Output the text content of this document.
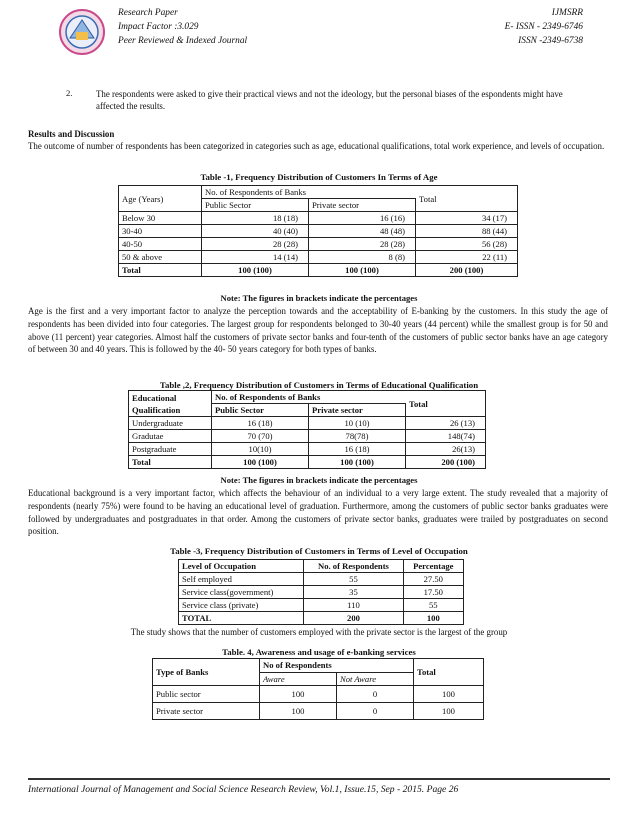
Research Paper
Impact Factor :3.029
Peer Reviewed & Indexed Journal
IJMSRR
E- ISSN - 2349-6746
ISSN -2349-6738
2.	The respondents were asked to give their practical views and not the ideology, but the personal biases of the espondents might have affected the results.
Results and Discussion
The outcome of number of respondents has been categorized in categories such as age, educational qualifications, total work experience, and levels of occupation.
Table -1, Frequency Distribution of Customers In Terms of Age
Age (Years)	No. of Respondents of Banks		Total
	Public Sector	Private sector	
Below 30	18 (18)	16 (16)	34 (17)
30-40	40 (40)	48 (48)	88 (44)
40-50	28 (28)	28 (28)	56 (28)
50 & above	14 (14)	8 (8)	22 (11)
Total	100 (100)	100 (100)	200 (100)
Note: The figures in brackets indicate the percentages
Age is the first and a very important factor to analyze the perception towards and the acceptability of E-banking by the customers. In this study the age of respondents has been divided into four categories. The largest group for respondents belonged to 30-40 years (44 percent) while the smallest group is for 50 and above (11 percent) year categories. Almost half the customers of private sector banks and four-tenth of the customers of public sector banks have an age category of between 30 and 40 years. This is followed by the 40- 50 years category for both types of banks.
Table ,2, Frequency Distribution of Customers in Terms of Educational Qualification
Educational
Qualification	No. of Respondents of Banks		Total
	Public Sector	Private sector	
Undergraduate	16 (18)	10 (10)	26 (13)
Gradutae	70 (70)	78(78)	148(74)
Postgraduate	10(10)	16 (18)	26(13)
Total	100 (100)	100 (100)	200 (100)
Note: The figures in brackets indicate the percentages
Educational background is a very important factor, which affects the behaviour of an individual to a very large extent. The study revealed that a majority of respondents (nearly 75%) were found to be having an educational level of graduation. Furthermore, among the customers of public sector banks graduates were followed by undergraduates and postgraduates in that order. Among the customers of private sector banks, graduates were trailed by postgraduates on second position.
Table -3, Frequency Distribution of Customers in Terms of Level of Occupation
Level of Occupation	No. of Respondents	Percentage
Self employed	55	27.50
Service class(government)	35	17.50
Service class (private)	110	55
TOTAL	200	100
The study shows that the number of customers employed with the private sector is the largest of the group
Table. 4, Awareness and usage of e-banking services
Type of Banks	No of Respondents		Total
	Aware	Not Aware	
Public sector	100	0	100
Private sector	100	0	100
International Journal of Management and Social Science Research Review, Vol.1, Issue.15, Sep - 2015. Page 26
